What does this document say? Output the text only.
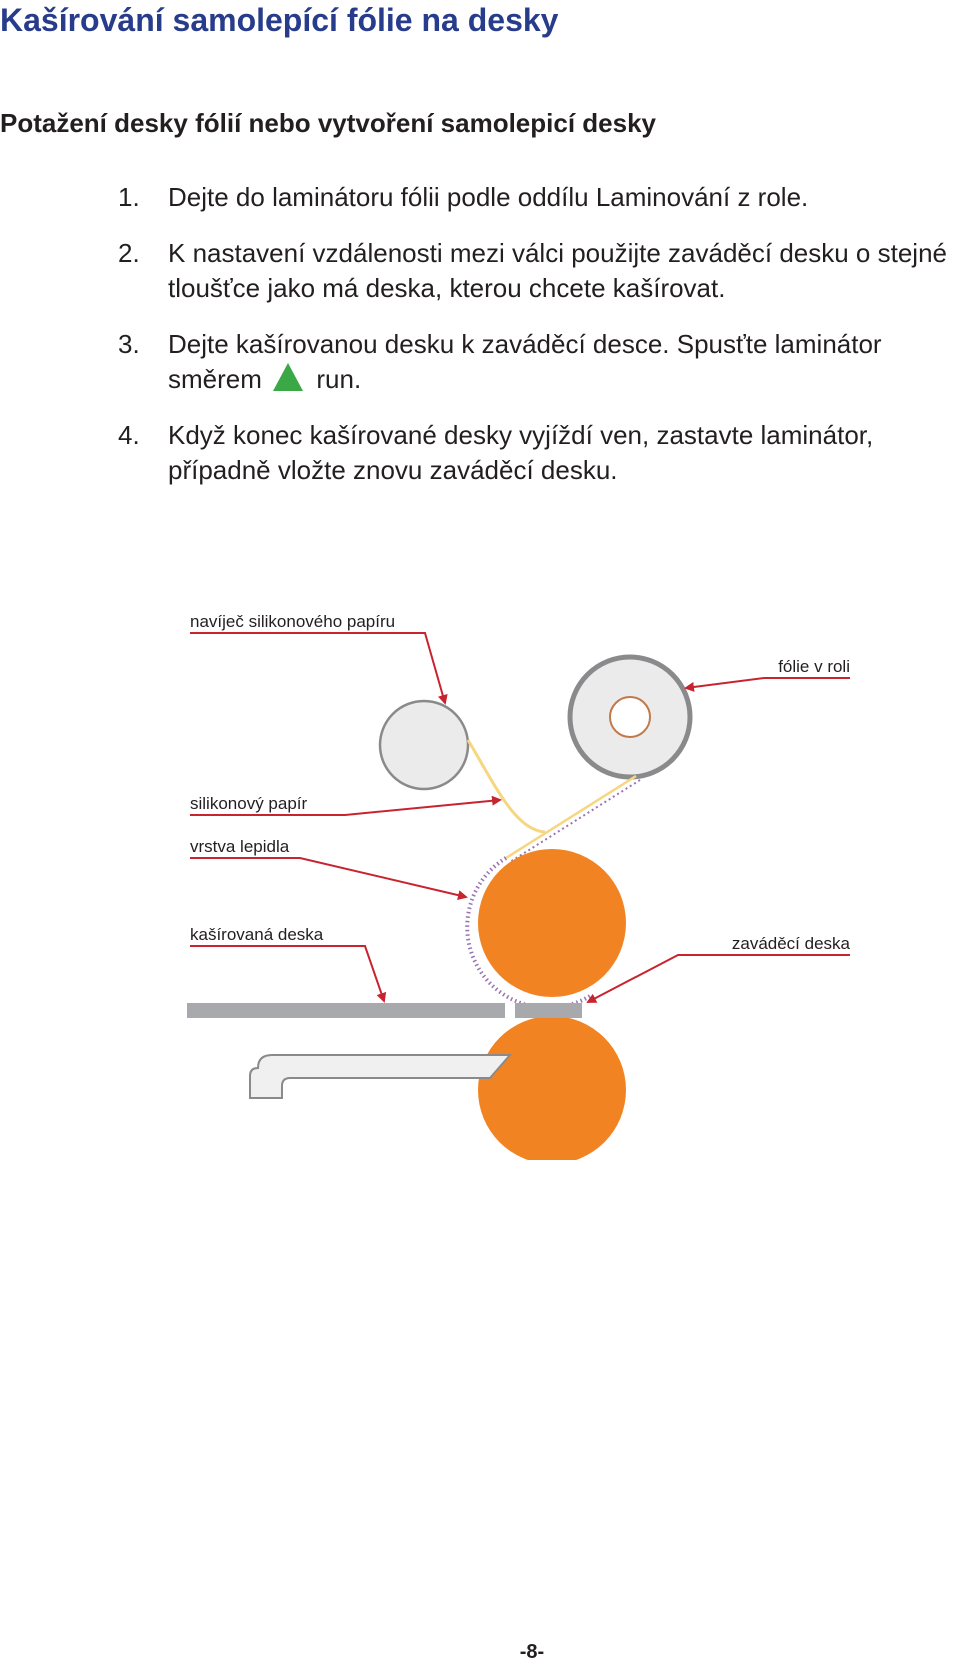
Kašírování samolepící fólie na desky
Potažení desky fólií nebo vytvoření samolepicí desky
1. Dejte do laminátoru fólii podle oddílu Laminování z role.
2. K nastavení vzdálenosti mezi válci použijte zaváděcí desku o stejné tloušťce jako má deska, kterou chcete kašírovat.
3. Dejte kašírovanou desku k zaváděcí desce. Spusťte laminátor směrem run.
4. Když konec kašírované desky vyjíždí ven, zastavte laminátor, případně vložte znovu zaváděcí desku.
navíječ silikonového papíru
fólie v roli
silikonový papír
vrstva lepidla
kašírovaná deska	zaváděcí deska

-8-
